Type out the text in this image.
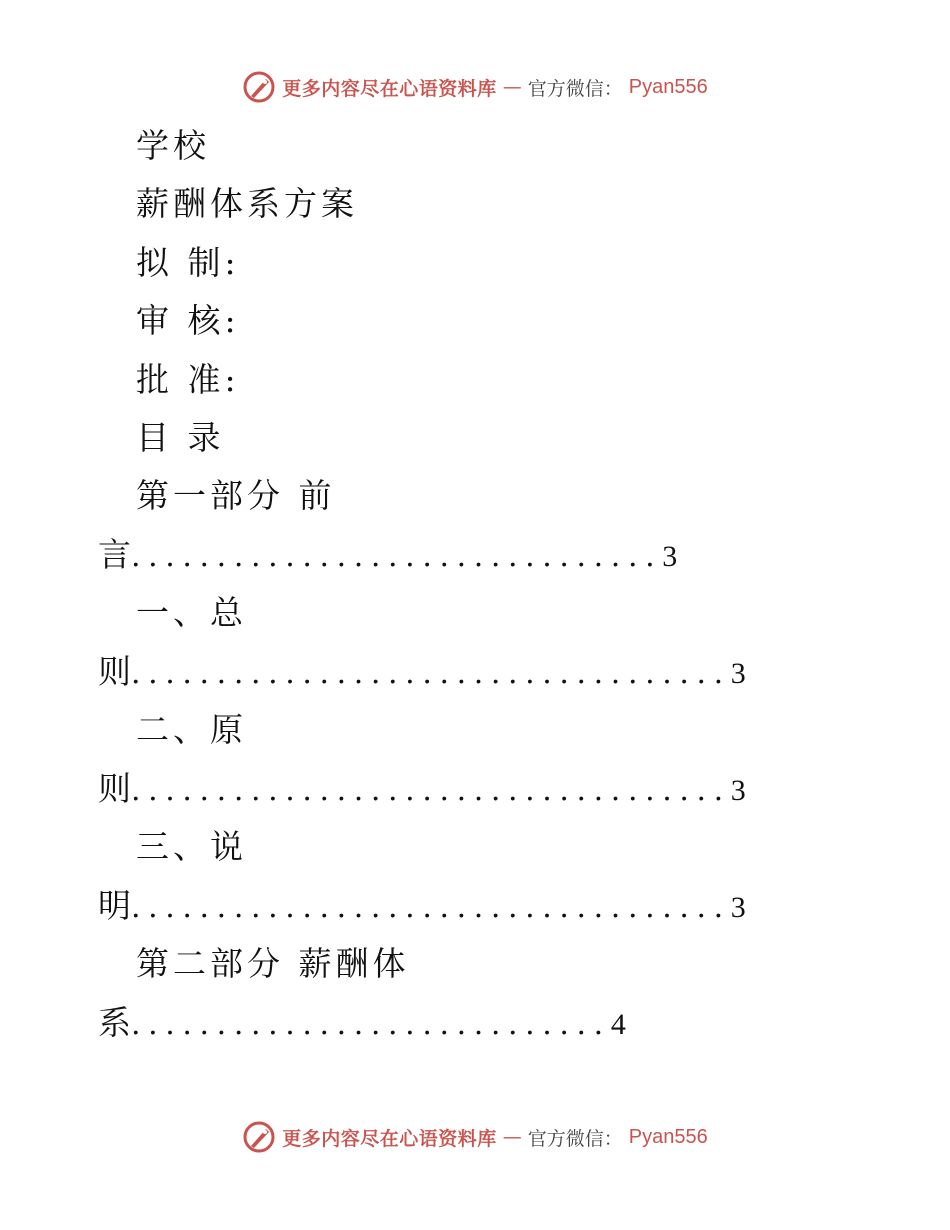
更多内容尽在心语资料库 — 官方微信： Pyan556
学校
薪酬体系方案
拟 制:
审 核:
批 准:
目 录
第一部分 前
言 ............................... 3
一、总
则 ................................... 3
二、原
则 ................................... 3
三、说
明 ................................... 3
第二部分 薪酬体
系 ............................ 4
更多内容尽在心语资料库 — 官方微信： Pyan556
